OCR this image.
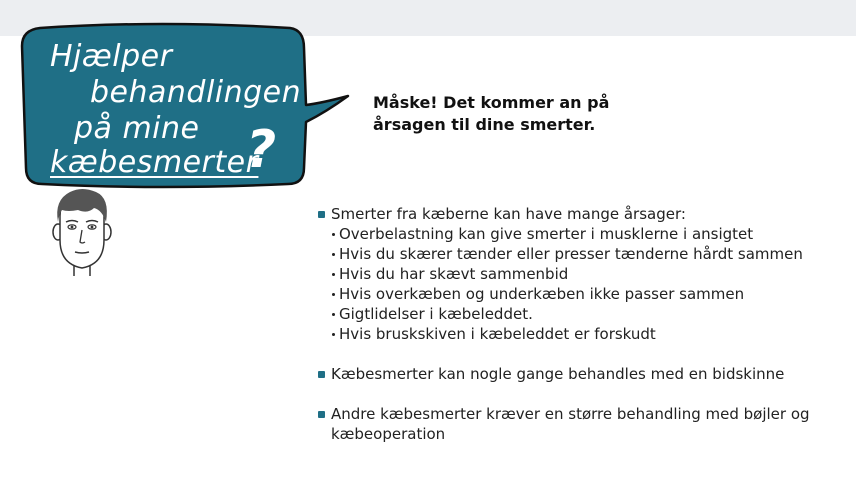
Hjælper
behandlingen
på mine
kæbesmerter
?
Måske! Det kommer an på årsagen til dine smerter.
Smerter fra kæberne kan have mange årsager:
Overbelastning kan give smerter i musklerne i ansigtet
Hvis du skærer tænder eller presser tænderne hårdt sammen
Hvis du har skævt sammenbid
Hvis overkæben og underkæben ikke passer sammen
Gigtlidelser i kæbeleddet.
Hvis bruskskiven i kæbeleddet er forskudt
Kæbesmerter kan nogle gange behandles med en bidskinne
Andre kæbesmerter kræver en større behandling med bøjler og kæbeoperation
